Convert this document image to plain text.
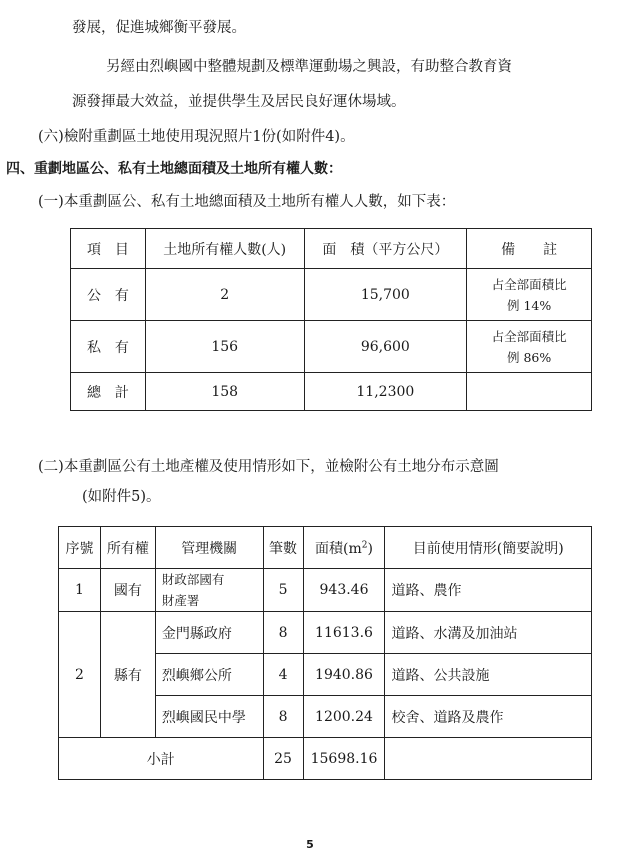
發展，促進城鄉衡平發展。
另經由烈嶼國中整體規劃及標準運動場之興設，有助整合教育資
源發揮最大效益，並提供學生及居民良好運休場域。
(六)檢附重劃區土地使用現況照片1份(如附件4)。
四、重劃地區公、私有土地總面積及土地所有權人數：
(一)本重劃區公、私有土地總面積及土地所有權人人數，如下表：
項　目	土地所有權人數(人)	面　積（平方公尺）	備　　註
公　有	2	15,700	占全部面積比
例 14%

私　有	156	96,600	占全部面積比
例 86%

總　計	158	11,2300	
(二)本重劃區公有土地產權及使用情形如下，並檢附公有土地分布示意圖
(如附件5)。
序號	所有權	管理機關	筆數	面積$(m^2)$	目前使用情形(簡要說明)
1	國有	財政部國有
財產署	5	943.46	道路、農作
2	縣有	金門縣政府	8	11613.6	道路、水溝及加油站
		烈嶼鄉公所	4	1940.86	道路、公共設施
		烈嶼國民中學	8	1200.24	校舍、道路及農作
小計			25	15698.16	
5
